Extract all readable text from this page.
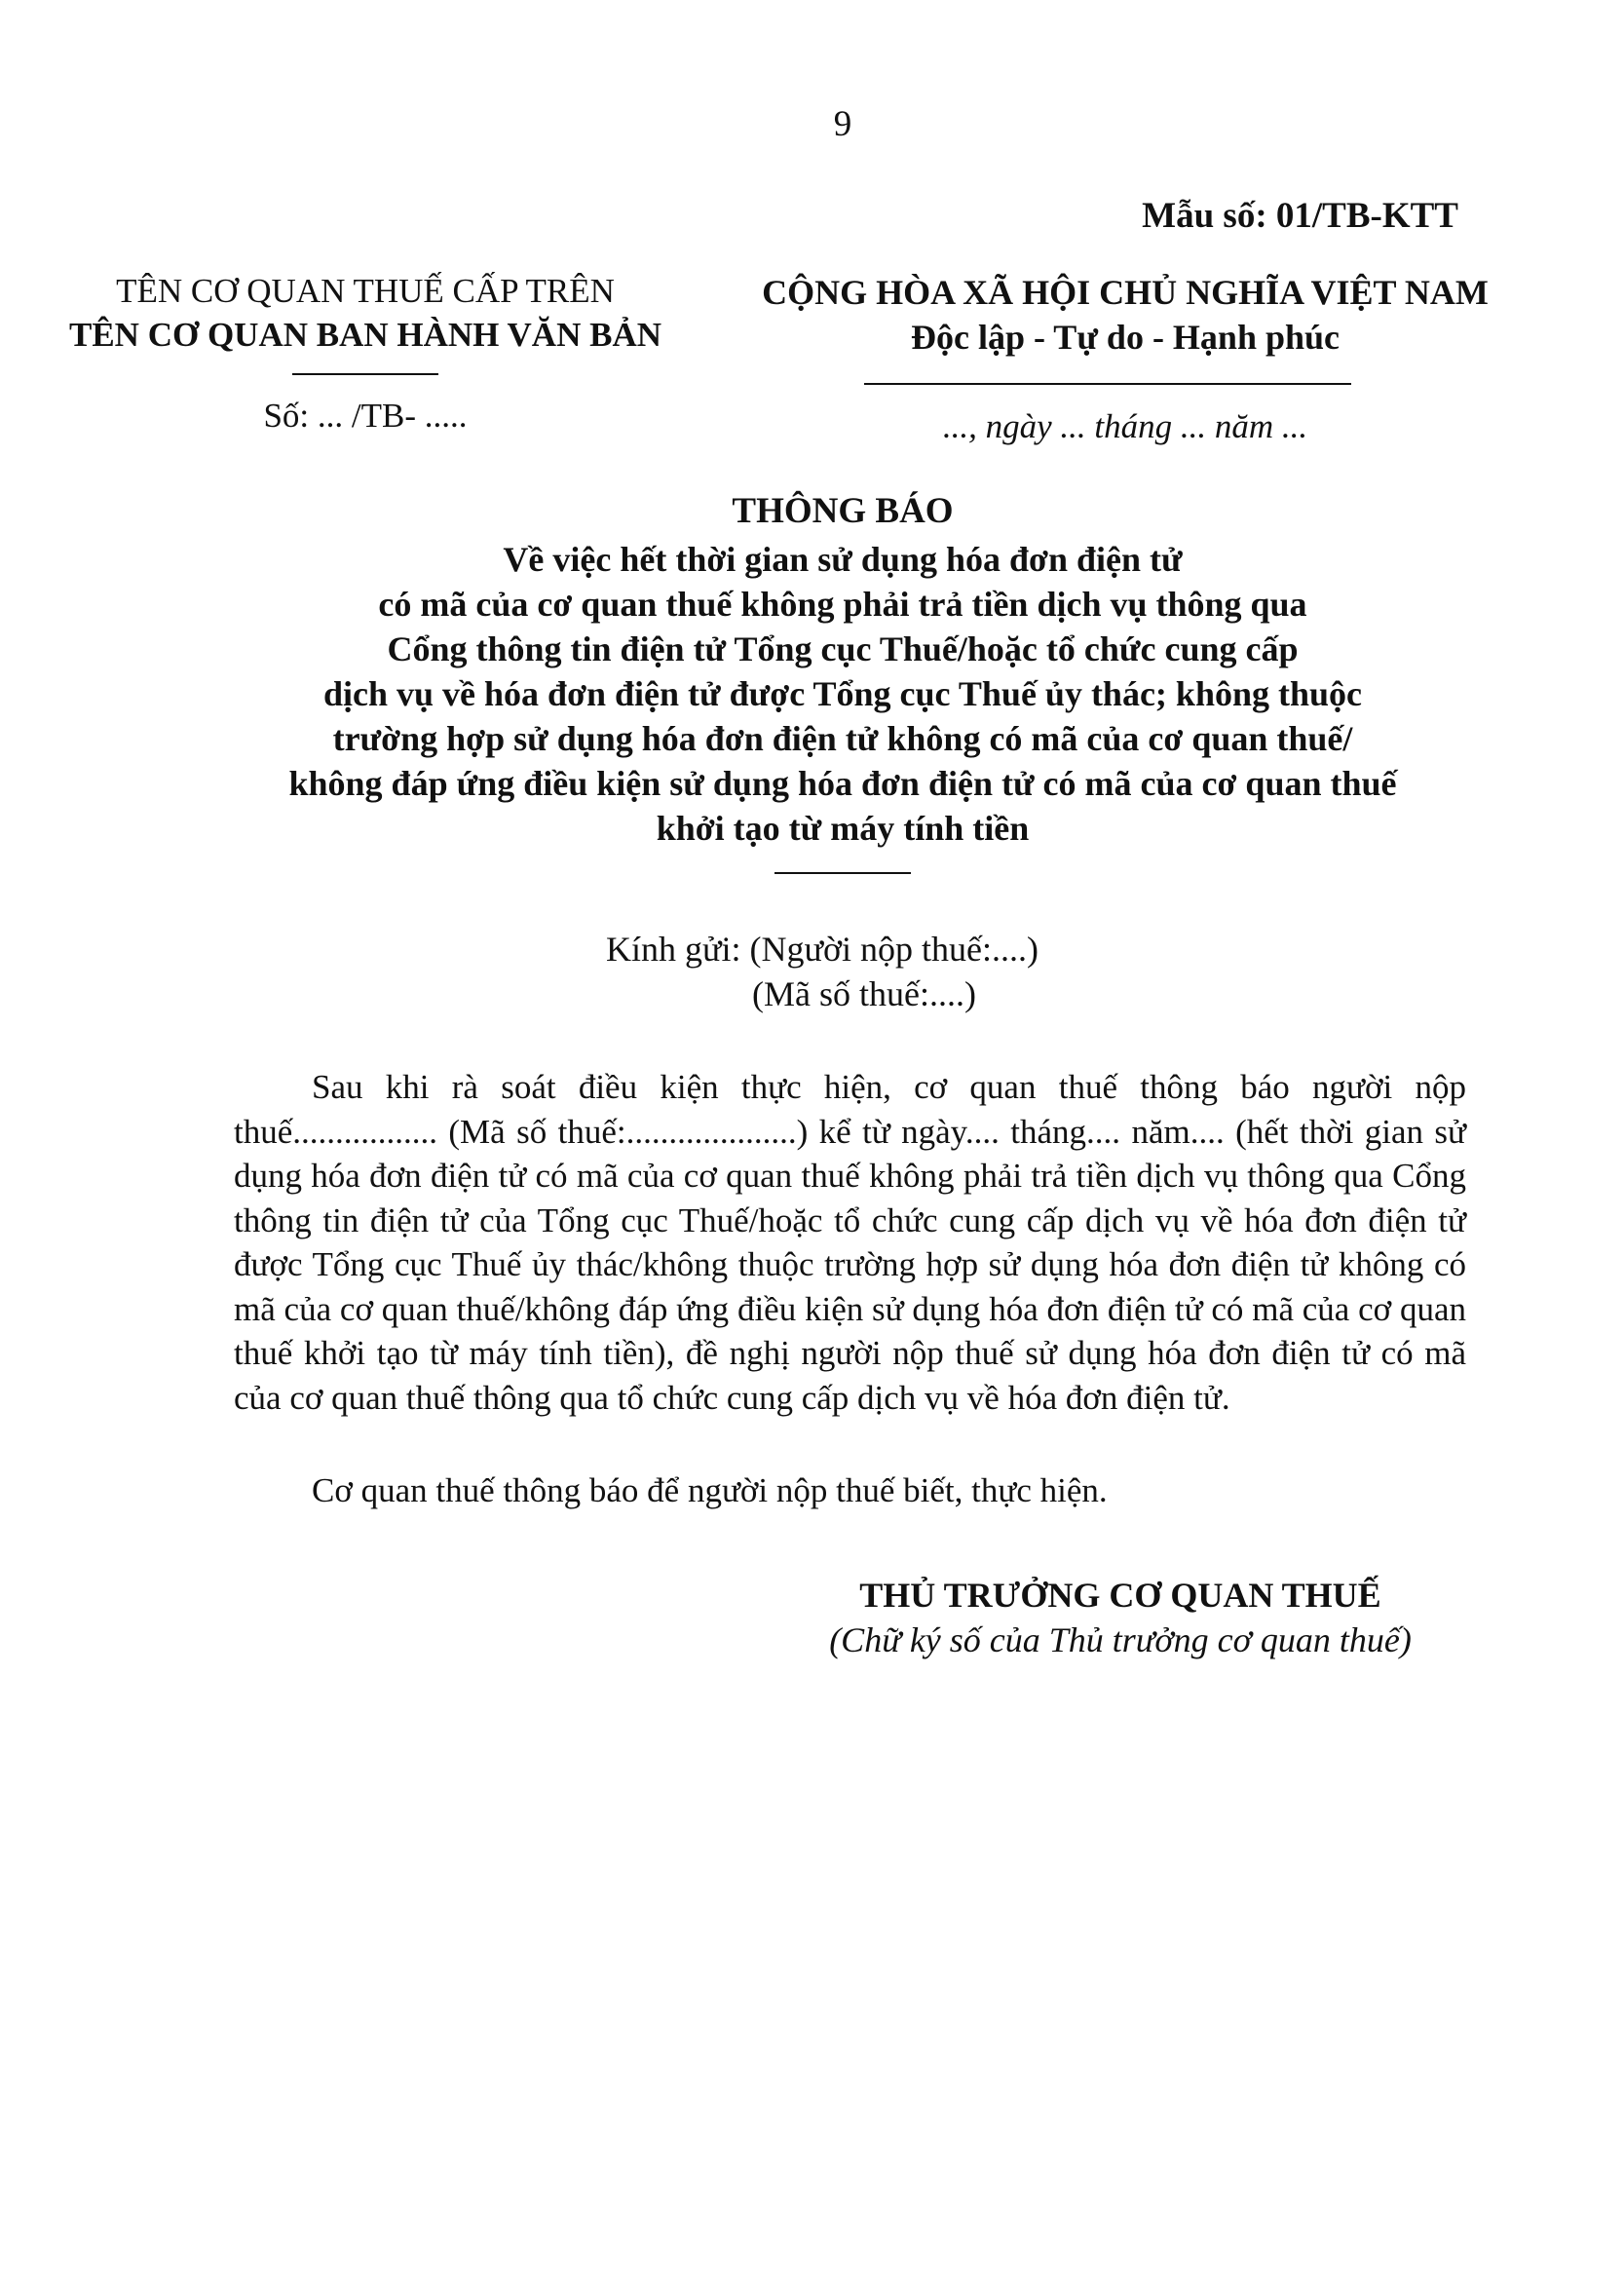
9
Mẫu số: 01/TB-KTT
TÊN CƠ QUAN THUẾ CẤP TRÊN
TÊN CƠ QUAN BAN HÀNH VĂN BẢN
Số: ... /TB- .....
CỘNG HÒA XÃ HỘI CHỦ NGHĨA VIỆT NAM
Độc lập - Tự do - Hạnh phúc
..., ngày ... tháng ... năm ...
THÔNG BÁO
Về việc hết thời gian sử dụng hóa đơn điện tử
có mã của cơ quan thuế không phải trả tiền dịch vụ thông qua
Cổng thông tin điện tử Tổng cục Thuế/hoặc tổ chức cung cấp
dịch vụ về hóa đơn điện tử được Tổng cục Thuế ủy thác; không thuộc
trường hợp sử dụng hóa đơn điện tử không có mã của cơ quan thuế/
không đáp ứng điều kiện sử dụng hóa đơn điện tử có mã của cơ quan thuế
khởi tạo từ máy tính tiền
Kính gửi: (Người nộp thuế:....)
(Mã số thuế:....)
Sau khi rà soát điều kiện thực hiện, cơ quan thuế thông báo người nộp thuế................. (Mã số thuế:....................) kể từ ngày.... tháng.... năm.... (hết thời gian sử dụng hóa đơn điện tử có mã của cơ quan thuế không phải trả tiền dịch vụ thông qua Cổng thông tin điện tử của Tổng cục Thuế/hoặc tổ chức cung cấp dịch vụ về hóa đơn điện tử được Tổng cục Thuế ủy thác/không thuộc trường hợp sử dụng hóa đơn điện tử không có mã của cơ quan thuế/không đáp ứng điều kiện sử dụng hóa đơn điện tử có mã của cơ quan thuế khởi tạo từ máy tính tiền), đề nghị người nộp thuế sử dụng hóa đơn điện tử có mã của cơ quan thuế thông qua tổ chức cung cấp dịch vụ về hóa đơn điện tử.
Cơ quan thuế thông báo để người nộp thuế biết, thực hiện.
THỦ TRƯỞNG CƠ QUAN THUẾ
(Chữ ký số của Thủ trưởng cơ quan thuế)
